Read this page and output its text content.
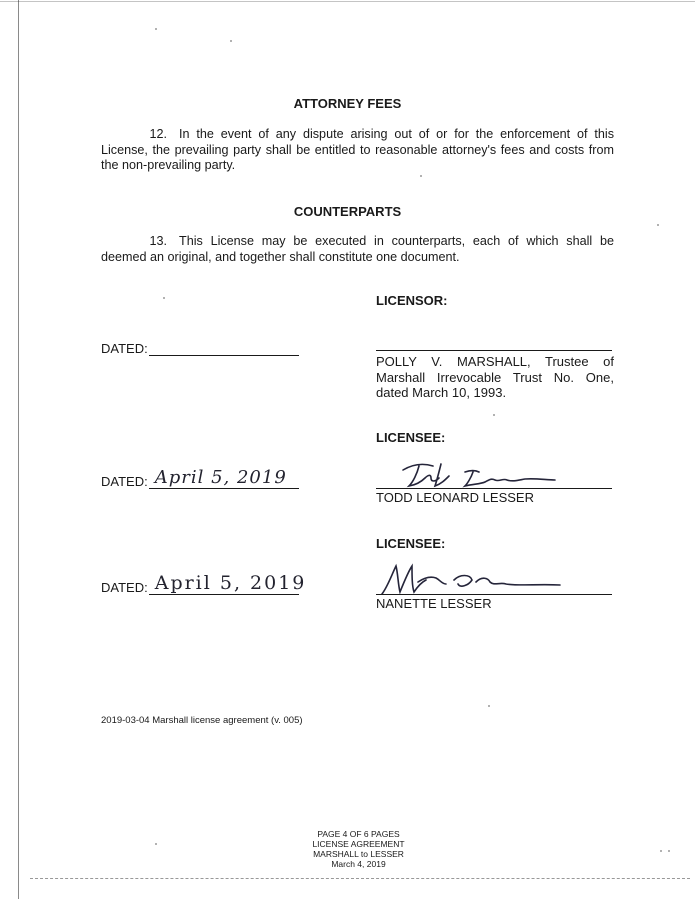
ATTORNEY FEES
12. In the event of any dispute arising out of or for the enforcement of this License, the prevailing party shall be entitled to reasonable attorney's fees and costs from the non-prevailing party.
COUNTERPARTS
13. This License may be executed in counterparts, each of which shall be deemed an original, and together shall constitute one document.
LICENSOR:
DATED:
POLLY V. MARSHALL, Trustee of Marshall Irrevocable Trust No. One, dated March 10, 1993.
LICENSEE:
DATED: April 5, 2019
TODD LEONARD LESSER
LICENSEE:
DATED: April 5, 2019
NANETTE LESSER
2019-03-04 Marshall license agreement (v. 005)
PAGE 4 OF 6 PAGES
LICENSE AGREEMENT
MARSHALL to LESSER
March 4, 2019
